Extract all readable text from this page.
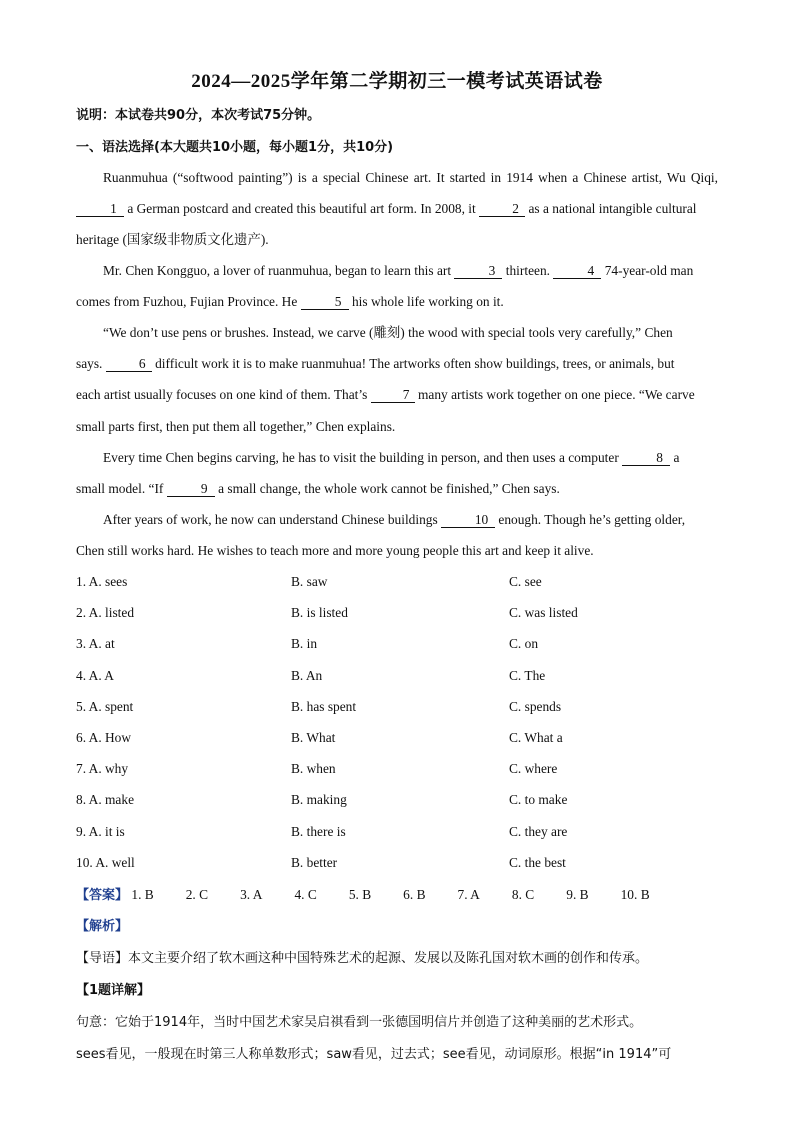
2024—2025学年第二学期初三一模考试英语试卷
说明：本试卷共90分，本次考试75分钟。
一、语法选择(本大题共10小题，每小题1分，共10分)
Ruanmuhua (“softwood painting”) is a special Chinese art. It started in 1914 when a Chinese artist, Wu Qiqi, 1 a German postcard and created this beautiful art form. In 2008, it 2 as a national intangible cultural
heritage (国家级非物质文化遗产).
Mr. Chen Kongguo, a lover of ruanmuhua, began to learn this art	3 thirteen.	4 74-year-old man
comes from Fuzhou, Fujian Province. He	5 his whole life working on it.
“We don’t use pens or brushes. Instead, we carve (雕刻) the wood with special tools very carefully,” Chen
says. 6 difficult work it is to make ruanmuhua! The artworks often show buildings, trees, or animals, but
each artist usually focuses on one kind of them. That’s 7 many artists work together on one piece. “We carve
small parts first, then put them all together,” Chen explains.
Every time Chen begins carving, he has to visit the building in person, and then uses a computer	8 a
small model. “If	9 a small change, the whole work cannot be finished,” Chen says.
After years of work, he now can understand Chinese buildings	10 enough. Though he’s getting older,
Chen still works hard. He wishes to teach more and more young people this art and keep it alive.
1. A. sees	B. saw	C. see
2. A. listed	B. is listed	C. was listed
3. A. at	B. in	C. on
4. A. A	B. An	C. The
5. A. spent	B. has spent	C. spends
6. A. How	B. What	C. What a
7. A. why	B. when	C. where
8. A. make	B. making	C. to make
9. A. it is	B. there is	C. they are
10. A. well	B. better	C. the best
【答案】 1. B 2. C 3. A 4. C 5. B 6. B 7. A 8. C 9. B 10. B
【解析】
【导语】本文主要介绍了软木画这种中国特殊艺术的起源、发展以及陈孔国对软木画的创作和传承。
【1题详解】
句意：它始于1914年，当时中国艺术家吴启祺看到一张德国明信片并创造了这种美丽的艺术形式。
sees看见，一般现在时第三人称单数形式；saw看见，过去式；see看见，动词原形。根据“in 1914”可
